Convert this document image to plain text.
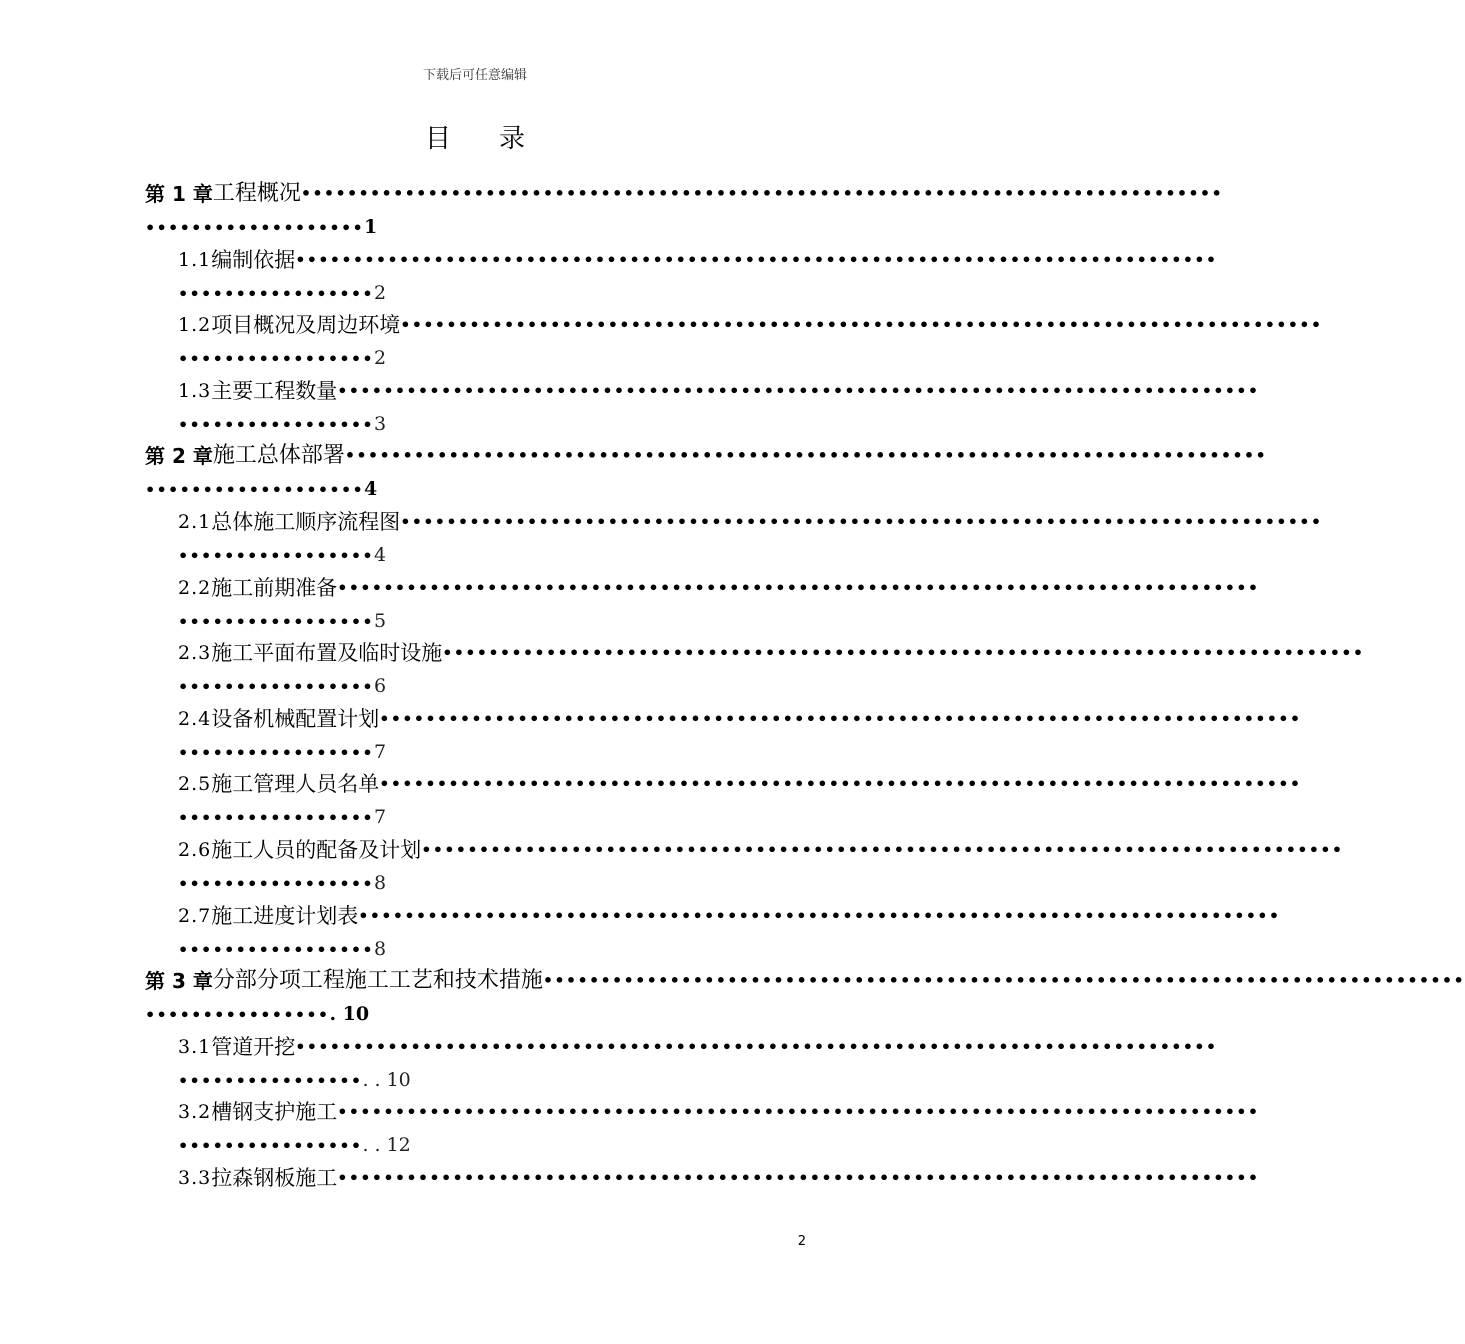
下载后可任意编辑
目 录
第 1 章 工程概况 ••••••••••••••••••••••••••••••••••••••••••••••••••••••••••••••••••••••••••••••••
•••••••••••••••••••1
1.1 编制依据 ••••••••••••••••••••••••••••••••••••••••••••••••••••••••••••••••••••••••••••••••
•••••••••••••••••2
1.2 项目概况及周边环境 ••••••••••••••••••••••••••••••••••••••••••••••••••••••••••••••••••••••••••••••••
•••••••••••••••••2
1.3 主要工程数量 ••••••••••••••••••••••••••••••••••••••••••••••••••••••••••••••••••••••••••••••••
•••••••••••••••••3
第 2 章 施工总体部署 ••••••••••••••••••••••••••••••••••••••••••••••••••••••••••••••••••••••••••••••••
•••••••••••••••••••4
2.1 总体施工顺序流程图 ••••••••••••••••••••••••••••••••••••••••••••••••••••••••••••••••••••••••••••••••
•••••••••••••••••4
2.2 施工前期准备 ••••••••••••••••••••••••••••••••••••••••••••••••••••••••••••••••••••••••••••••••
•••••••••••••••••5
2.3 施工平面布置及临时设施 ••••••••••••••••••••••••••••••••••••••••••••••••••••••••••••••••••••••••••••••••
•••••••••••••••••6
2.4 设备机械配置计划 ••••••••••••••••••••••••••••••••••••••••••••••••••••••••••••••••••••••••••••••••
•••••••••••••••••7
2.5 施工管理人员名单 ••••••••••••••••••••••••••••••••••••••••••••••••••••••••••••••••••••••••••••••••
•••••••••••••••••7
2.6 施工人员的配备及计划 ••••••••••••••••••••••••••••••••••••••••••••••••••••••••••••••••••••••••••••••••
•••••••••••••••••8
2.7 施工进度计划表 ••••••••••••••••••••••••••••••••••••••••••••••••••••••••••••••••••••••••••••••••
•••••••••••••••••8
第 3 章 分部分项工程施工工艺和技术措施 ••••••••••••••••••••••••••••••••••••••••••••••••••••••••••••••••••••••••••••••••
••••••••••••••••. 10
3.1 管道开挖 ••••••••••••••••••••••••••••••••••••••••••••••••••••••••••••••••••••••••••••••••
••••••••••••••••. . 10
3.2 槽钢支护施工 ••••••••••••••••••••••••••••••••••••••••••••••••••••••••••••••••••••••••••••••••
••••••••••••••••. . 12
3.3 拉森钢板施工 ••••••••••••••••••••••••••••••••••••••••••••••••••••••••••••••••••••••••••••••••
2
